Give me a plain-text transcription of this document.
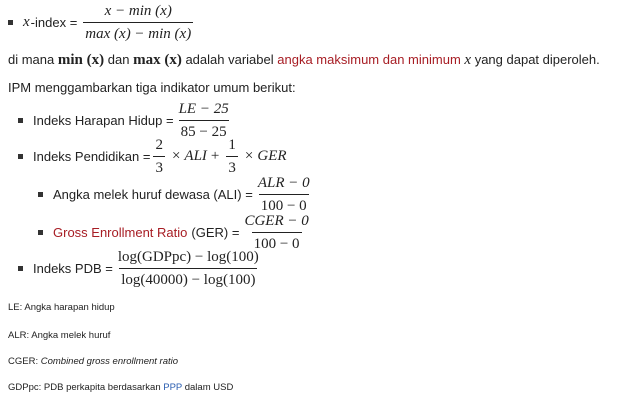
x -index = $\frac{x - \min (x)}{\max (x) - \min (x)}$
di mana min (x) dan max (x) adalah variabel angka maksimum dan minimum x yang dapat diperoleh.
IPM menggambarkan tiga indikator umum berikut:
Indeks Harapan Hidup = $\frac{LE - 25}{85 - 25}$
Indeks Pendidikan = $\frac{2}{3}$ × ALI + $\frac{1}{3}$ × GER
Angka melek huruf dewasa $(ALI) = \frac{\text{ALR − 0}}{100 - 0}$
Gross Enrollment Ratio $(GER) = \frac{\text{CGER − 0}}{100 - 0}$
Indeks PDB = $\frac{\text{log(GDPpc) − log(100)}}{\log(40000) - \log(100)}$
LE: Angka harapan hidup
ALR: Angka melek huruf
CGER: Combined gross enrollment ratio
GDPpc: PDB perkapita berdasarkan PPP dalam USD
